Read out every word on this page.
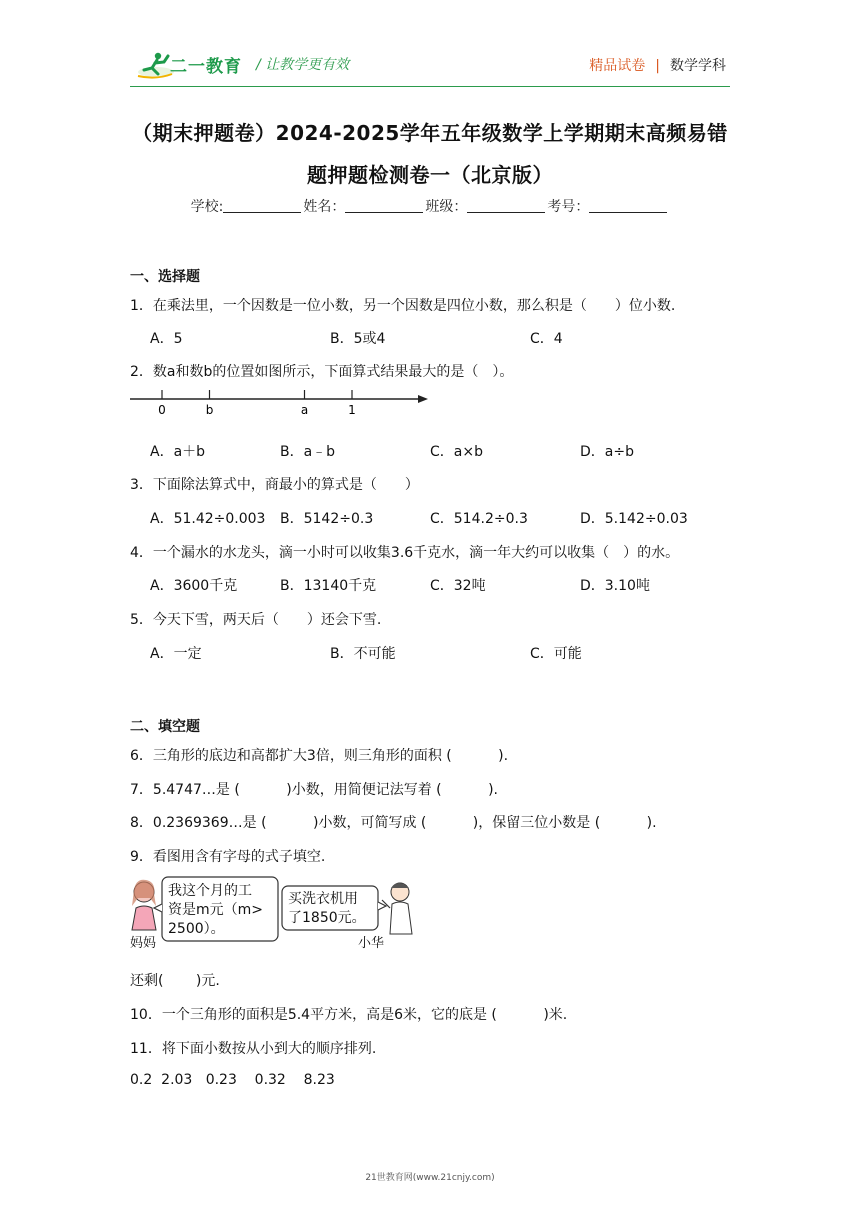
二一教育 / 让教学更有效	精品试卷 | 数学学科
（期末押题卷）2024-2025学年五年级数学上学期期末高频易错
题押题检测卷一（北京版）
学校:	姓名：	班级：	考号：
一、选择题
1．在乘法里，一个因数是一位小数，另一个因数是四位小数，那么积是（　　）位小数.
A．5	B．5或4	C．4
2．数a和数b的位置如图所示，下面算式结果最大的是（　）。
0	b	a	1
A．a＋b	B．a﹣b	C．a×b	D．a÷b
3．下面除法算式中，商最小的算式是（　　）
A．51.42÷0.003 B．5142÷0.3	C．514.2÷0.3	D．5.142÷0.03
4．一个漏水的水龙头，滴一小时可以收集3.6千克水，滴一年大约可以收集（　）的水。
A．3600千克	B．13140千克	C．32吨	D．3.10吨
5．今天下雪，两天后（　　）还会下雪.
A．一定	B．不可能	C．可能
二、填空题
6．三角形的底边和高都扩大3倍，则三角形的面积 (　　　 ).
7．5.4747…是 (　　　 )小数，用简便记法写着 (　　　 ).
8．0.2369369…是 (　　　 )小数，可简写成 (　　　 )，保留三位小数是 (　　　 ).
9．看图用含有字母的式子填空.
我这个月的工
资是m元（m>
2500）。
买洗衣机用
了1850元。
妈妈	小华
还剩(　　 )元.
10．一个三角形的面积是5.4平方米，高是6米，它的底是 (　　　 )米.
11．将下面小数按从小到大的顺序排列.
0.2  2.03   0.23    0.32    8.23
21世教育网(www.21cnjy.com)
